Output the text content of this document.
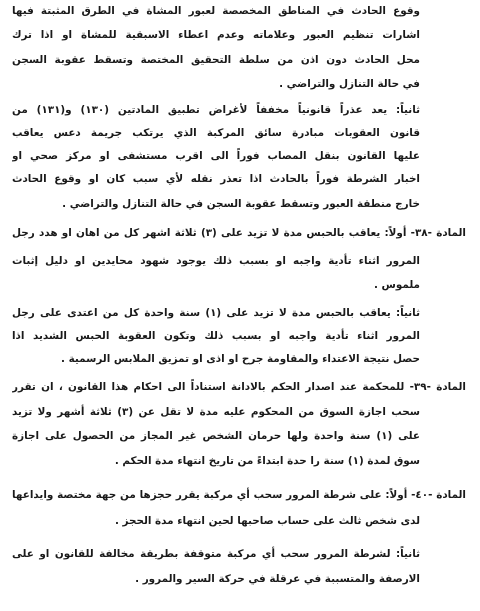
وقوع الحادث في المناطق المخصصة لعبور المشاة في الطرق المثبتة فيها
اشارات تنظيم العبور وعلاماته وعدم اعطاء الاسبقية للمشاة او اذا ترك
محل الحادث دون اذن من سلطة التحقيق المختصة وتسقط عقوبة السجن
في حالة التنازل والتراضي .
ثانياً: يعد عذراً قانونياً مخففاً لأغراض تطبيق المادتين (١٣٠) و(١٣١) من
قانون العقوبات مبادرة سائق المركبة الذي يرتكب جريمة دعس يعاقب
عليها القانون بنقل المصاب فوراً الى اقرب مستشفى او مركز صحي او
اخبار الشرطة فوراً بالحادث اذا تعذر نقله لأي سبب كان او وقوع الحادث
خارج منطقة العبور وتسقط عقوبة السجن في حالة التنازل والتراضي .
المادة -٣٨- أولاً: يعاقب بالحبس مدة لا تزيد على (٣) ثلاثة اشهر كل من اهان او هدد رجل
المرور اثناء تأدية واجبه او بسبب ذلك يوجود شهود محايدين او دليل إثبات
ملموس .
ثانياً: يعاقب بالحبس مدة لا تزيد على (١) سنة واحدة كل من اعتدى على رجل
المرور اثناء تأدية واجبه او بسبب ذلك وتكون العقوبة الحبس الشديد اذا
حصل نتيجة الاعتداء والمقاومة جرح او اذى او تمزيق الملابس الرسمية .
المادة -٣٩- للمحكمة عند اصدار الحكم بالادانة استناداً الى احكام هذا القانون ، ان تقرر
سحب اجازة السوق من المحكوم عليه مدة لا تقل عن (٣) ثلاثة أشهر ولا تزيد
على (١) سنة واحدة ولها حرمان الشخص غير المجاز من الحصول على اجازة
سوق لمدة (١) سنة را حدة ابتداءً من تاريخ انتهاء مدة الحكم .
المادة -٤٠- أولاً: على شرطة المرور سحب أي مركبة يقرر حجزها من جهة مختصة وايداعها
لدى شخص ثالث على حساب صاحبها لحين انتهاء مدة الحجز .
ثانياً: لشرطة المرور سحب أي مركبة متوقفة بطريقة مخالفة للقانون او على
الارصفة والمتسببة في عرقلة في حركة السير والمرور .
